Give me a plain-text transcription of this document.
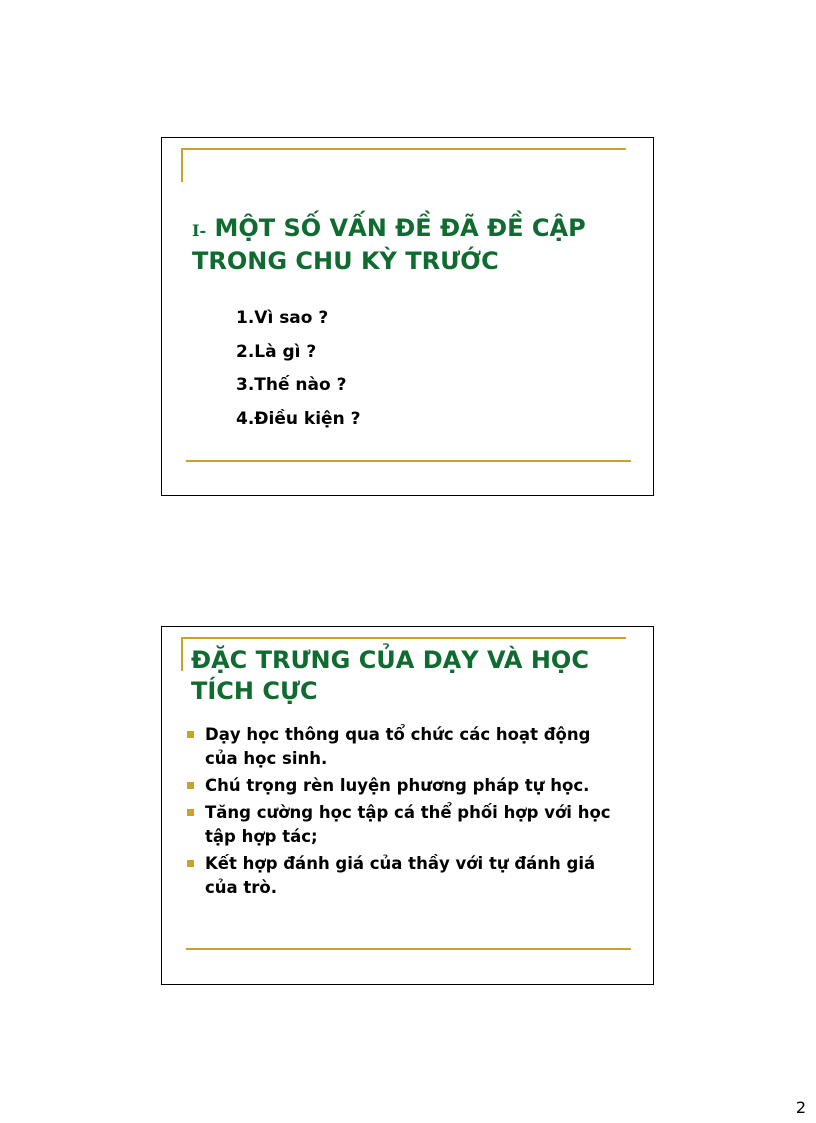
I- MỘT SỐ VẤN ĐỀ ĐÃ ĐỀ CẬP TRONG CHU KỲ TRƯỚC
1.Vì sao ?
2.Là gì ?
3.Thế nào ?
4.Điều kiện ?
ĐẶC TRƯNG CỦA DẠY VÀ HỌC TÍCH CỰC
Dạy học thông qua tổ chức các hoạt động của học sinh.
Chú trọng rèn luyện phương pháp tự học.
Tăng cường học tập cá thể phối hợp với học tập hợp tác;
Kết hợp đánh giá của thầy với tự đánh giá của trò.
2
